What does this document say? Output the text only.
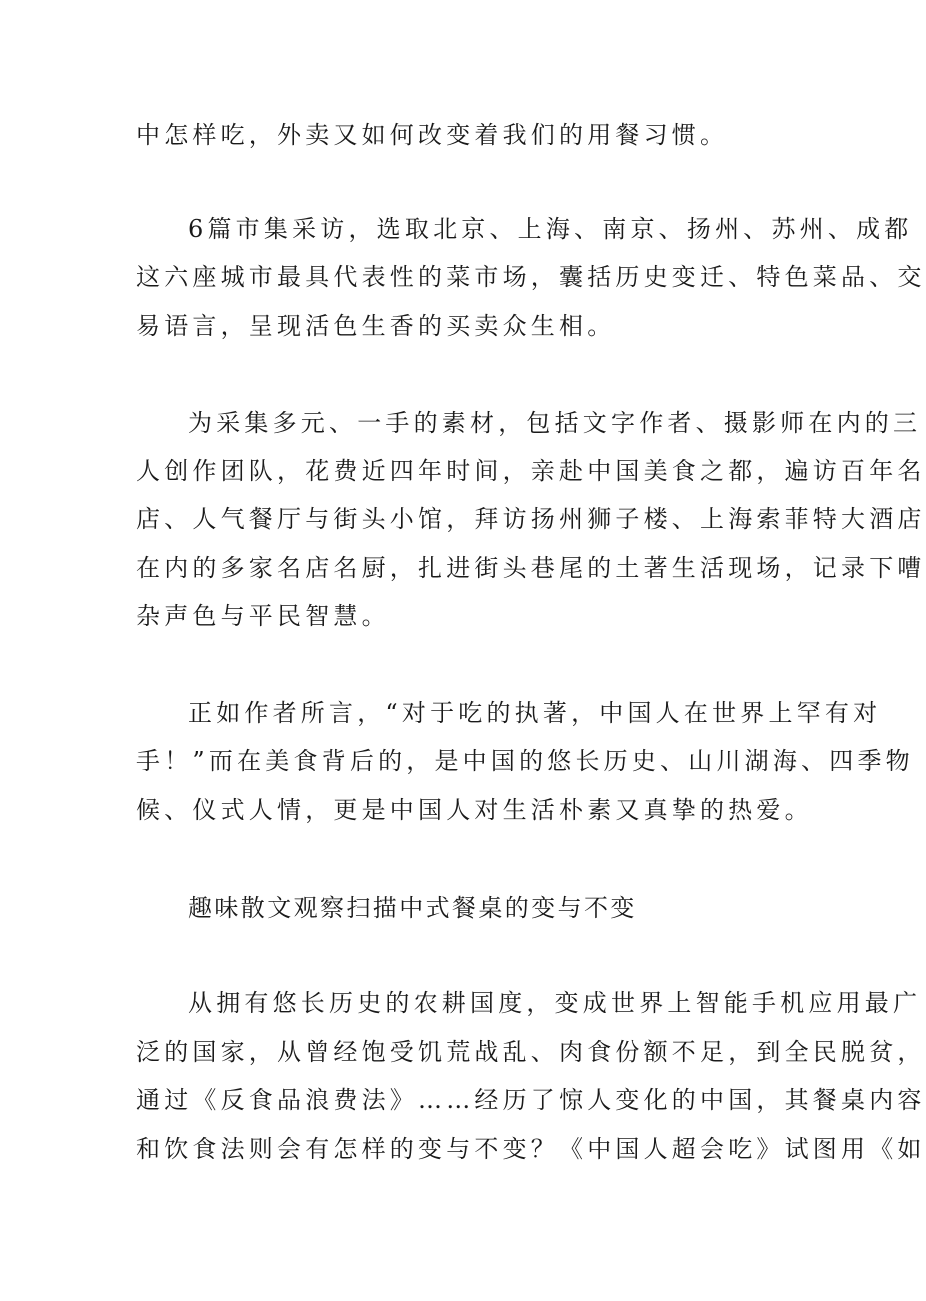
中怎样吃，外卖又如何改变着我们的用餐习惯。
6篇市集采访，选取北京、上海、南京、扬州、苏州、成都
这六座城市最具代表性的菜市场，囊括历史变迁、特色菜品、交
易语言，呈现活色生香的买卖众生相。
为采集多元、一手的素材，包括文字作者、摄影师在内的三
人创作团队，花费近四年时间，亲赴中国美食之都，遍访百年名
店、人气餐厅与街头小馆，拜访扬州狮子楼、上海索菲特大酒店
在内的多家名店名厨，扎进街头巷尾的土著生活现场，记录下嘈
杂声色与平民智慧。
正如作者所言，“对于吃的执著，中国人在世界上罕有对
手！”而在美食背后的，是中国的悠长历史、山川湖海、四季物
候、仪式人情，更是中国人对生活朴素又真挚的热爱。
趣味散文观察扫描中式餐桌的变与不变
从拥有悠长历史的农耕国度，变成世界上智能手机应用最广
泛的国家，从曾经饱受饥荒战乱、肉食份额不足，到全民脱贫，
通过《反食品浪费法》……经历了惊人变化的中国，其餐桌内容
和饮食法则会有怎样的变与不变？《中国人超会吃》试图用《如
